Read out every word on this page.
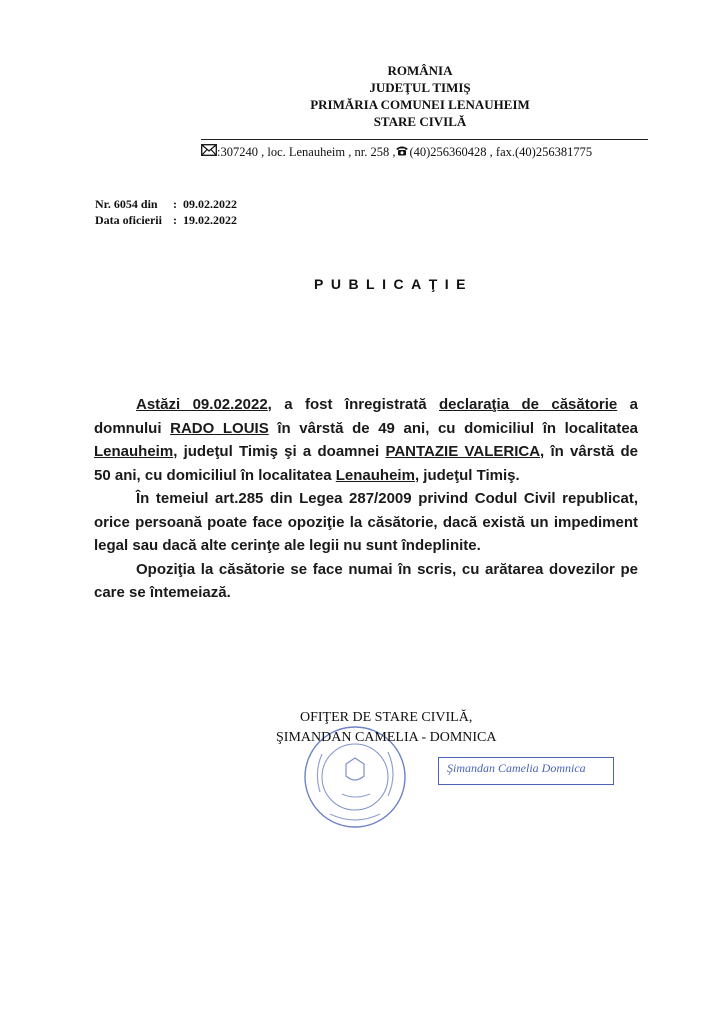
ROMÂNIA
JUDEŢUL TIMIŞ
PRIMĂRIA COMUNEI LENAUHEIM
STARE CIVILĂ
:307240 , loc. Lenauheim , nr. 258 , (40)256360428 , fax.(40)256381775
Nr. 6054 din	: 09.02.2022
Data oficierii : 19.02.2022
PUBLICAŢIE

Astăzi 09.02.2022, a fost înregistrată declaraţia de căsătorie a domnului RADO LOUIS în vârstă de 49 ani, cu domiciliul în localitatea Lenauheim, judeţul Timiş şi a doamnei PANTAZIE VALERICA, în vârstă de 50 ani, cu domiciliul în localitatea Lenauheim, judeţul Timiş.

În temeiul art.285 din Legea 287/2009 privind Codul Civil republicat, orice persoană poate face opoziţie la căsătorie, dacă există un impediment legal sau dacă alte cerinţe ale legii nu sunt îndeplinite.

Opoziţia la căsătorie se face numai în scris, cu arătarea dovezilor pe care se întemeiază.

OFIŢER DE STARE CIVILĂ,
ŞIMANDAN CAMELIA - DOMNICA
Şimandan Camelia Domnica
